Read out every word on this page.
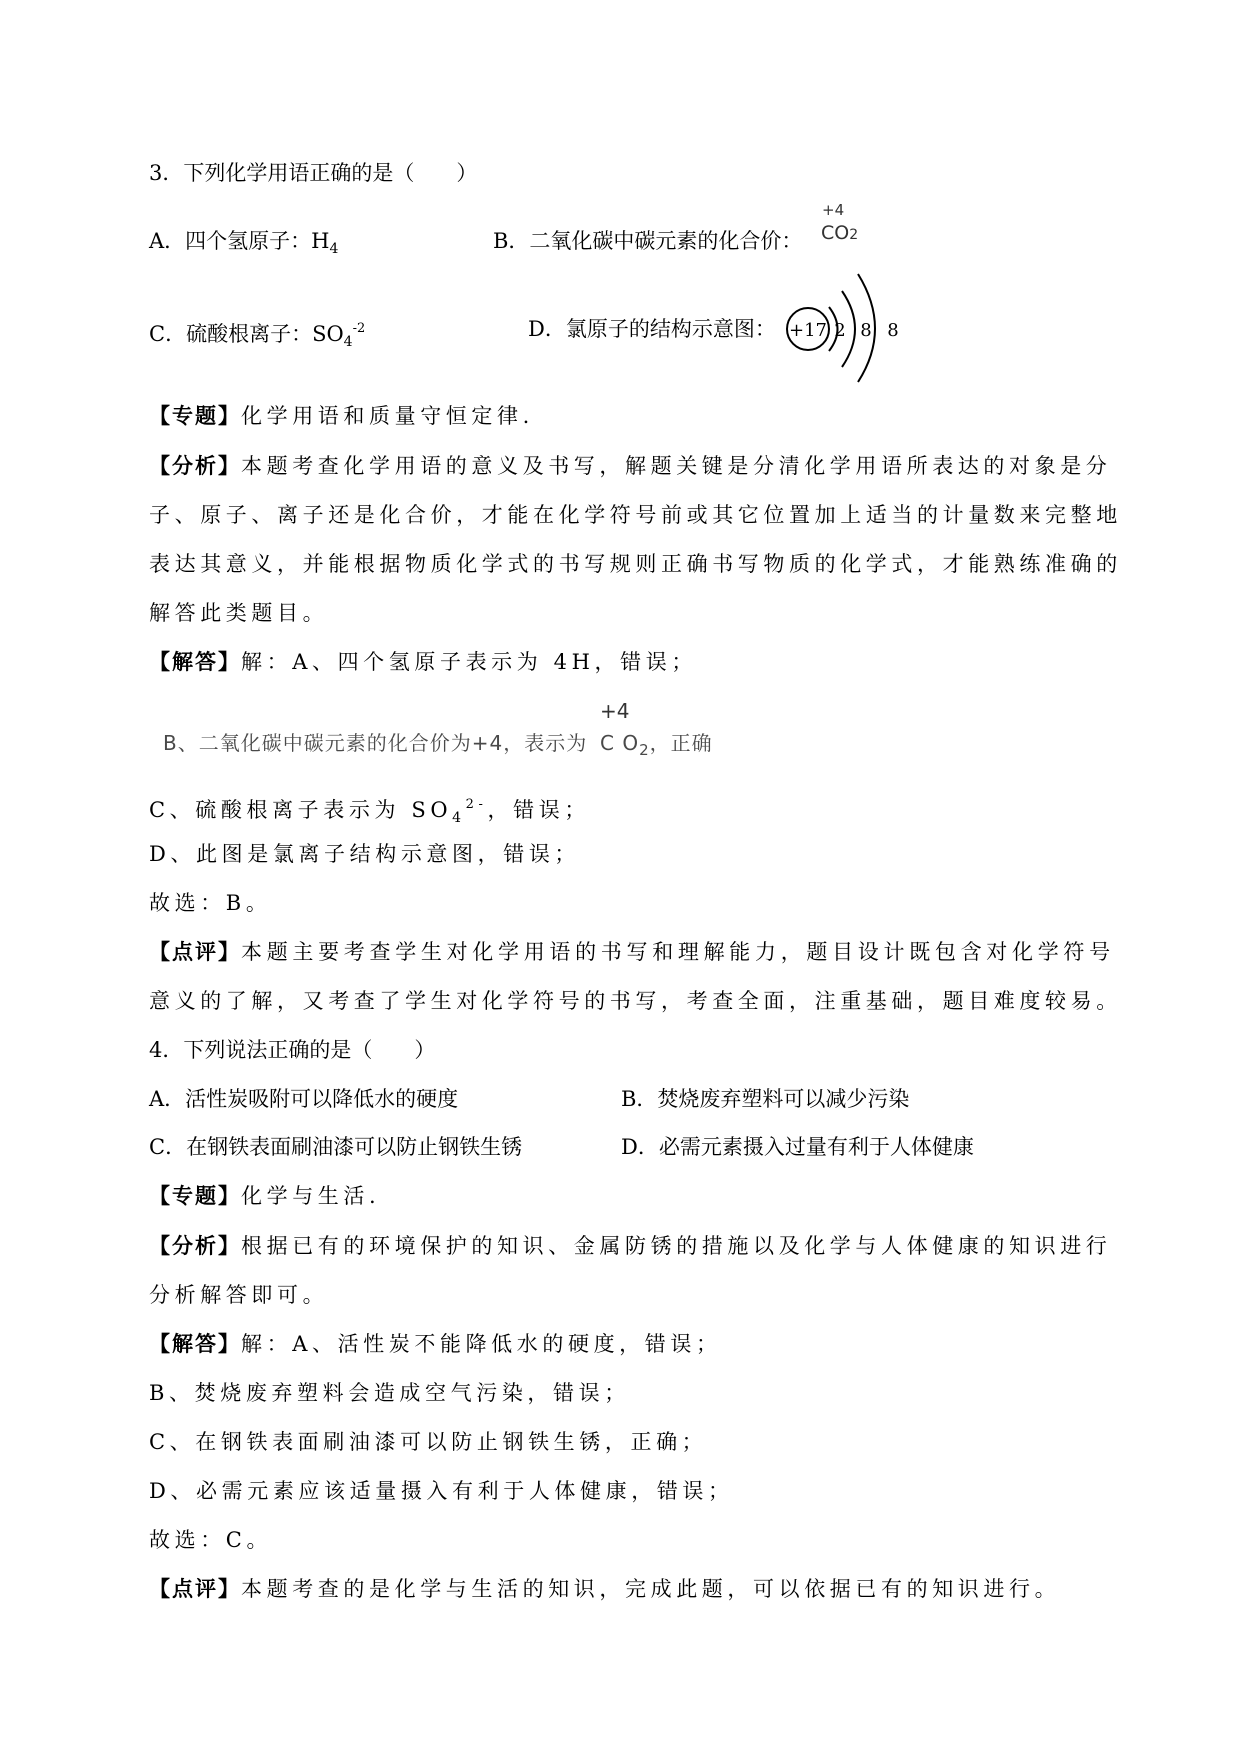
3．下列化学用语正确的是（　　）
A．四个氢原子：$H_4$	B．二氧化碳中碳元素的化合价：
+4
CO2
C．硫酸根离子：$SO_4^{-2}$	D．氯原子的结构示意图： +17 2 8 8
【专题】化学用语和质量守恒定律.
【分析】本题考查化学用语的意义及书写，解题关键是分清化学用语所表达的对象是分
子、原子、离子还是化合价，才能在化学符号前或其它位置加上适当的计量数来完整地
表达其意义，并能根据物质化学式的书写规则正确书写物质的化学式，才能熟练准确的
解答此类题目。
【解答】解：A、四个氢原子表示为 4H，错误；
B、二氧化碳中碳元素的化合价为+4，表示为
+4
C $O_2$，正确
C、硫酸根离子表示为 $SO_4^{2-}$，错误；
D、此图是氯离子结构示意图，错误；
故选：B。
【点评】本题主要考查学生对化学用语的书写和理解能力，题目设计既包含对化学符号
意义的了解，又考查了学生对化学符号的书写，考查全面，注重基础，题目难度较易。
4．下列说法正确的是（　　）
A．活性炭吸附可以降低水的硬度	B．焚烧废弃塑料可以减少污染
C．在钢铁表面刷油漆可以防止钢铁生锈	D．必需元素摄入过量有利于人体健康
【专题】化学与生活.
【分析】根据已有的环境保护的知识、金属防锈的措施以及化学与人体健康的知识进行
分析解答即可。
【解答】解：A、活性炭不能降低水的硬度，错误；
B、焚烧废弃塑料会造成空气污染，错误；
C、在钢铁表面刷油漆可以防止钢铁生锈，正确；
D、必需元素应该适量摄入有利于人体健康，错误；
故选：C。
【点评】本题考查的是化学与生活的知识，完成此题，可以依据已有的知识进行。
